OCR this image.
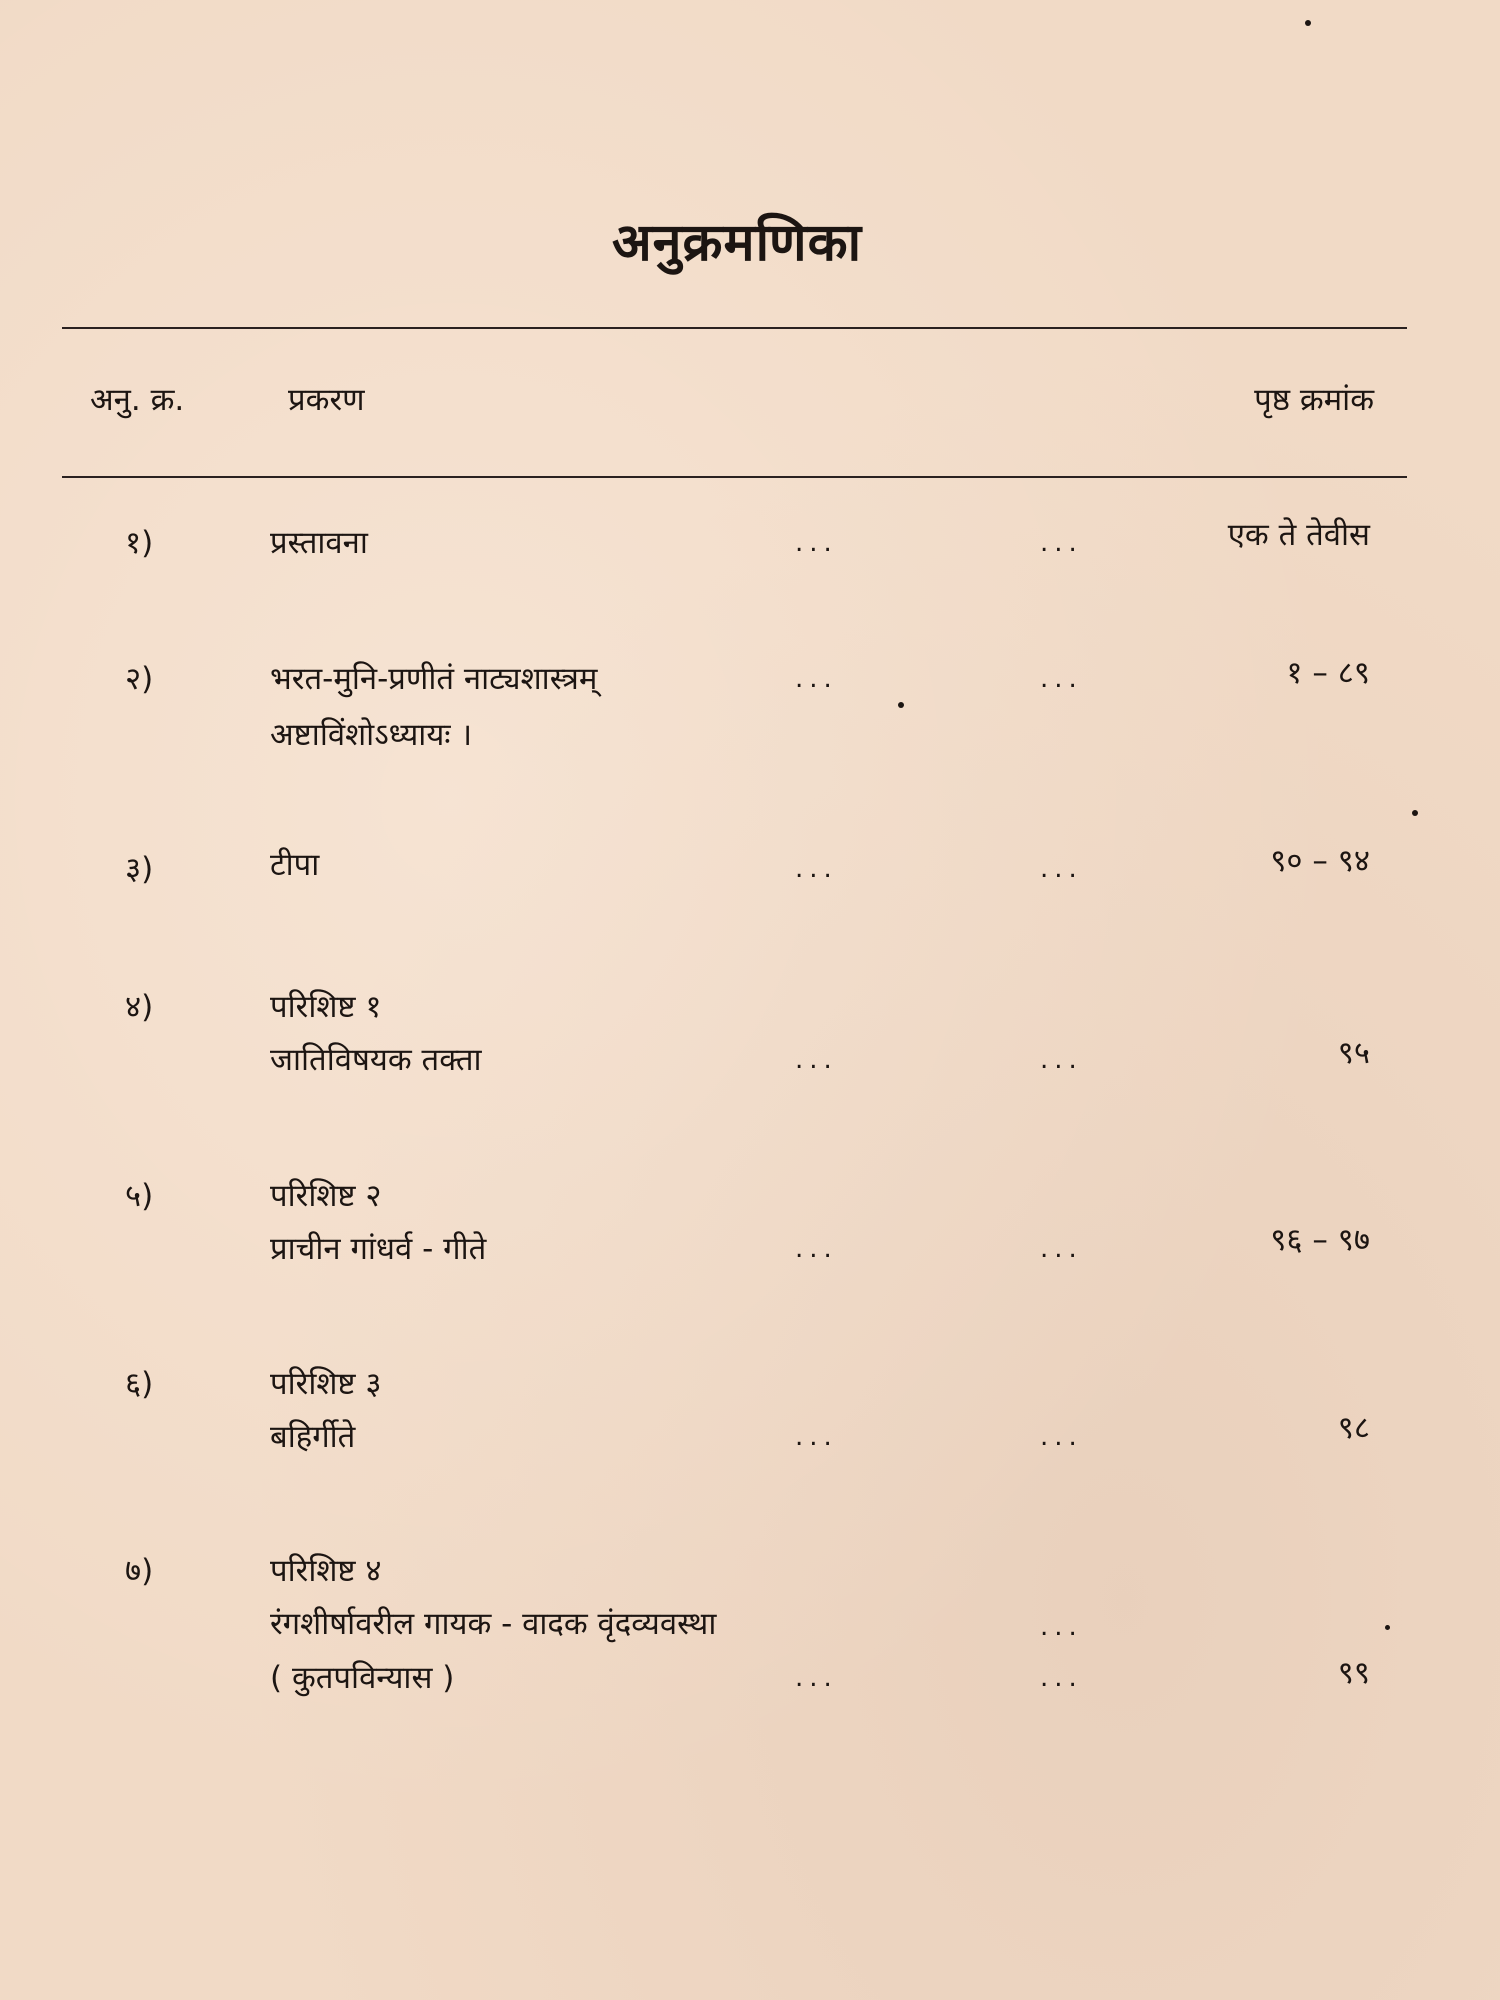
अनुक्रमणिका
अनु. क्र.	प्रकरण	पृष्ठ क्रमांक
१)	प्रस्तावना	...	...	एक ते तेवीस
२)	भरत-मुनि-प्रणीतं नाट्यशास्त्रम्
अष्टाविंशोऽध्यायः ।
...	...	१ – ८९
३)	टीपा	...	...	९० – ९४
४)	परिशिष्ट १
जातिविषयक तक्ता	...	...	९५
५)	परिशिष्ट २
प्राचीन गांधर्व - गीते	...	...	९६ – ९७
६)	परिशिष्ट ३
बहिर्गीते	...	...	९८
७)	परिशिष्ट ४
रंगशीर्षावरील गायक - वादक वृंदव्यवस्था
( कुतपविन्यास )
...
...	...	९९
